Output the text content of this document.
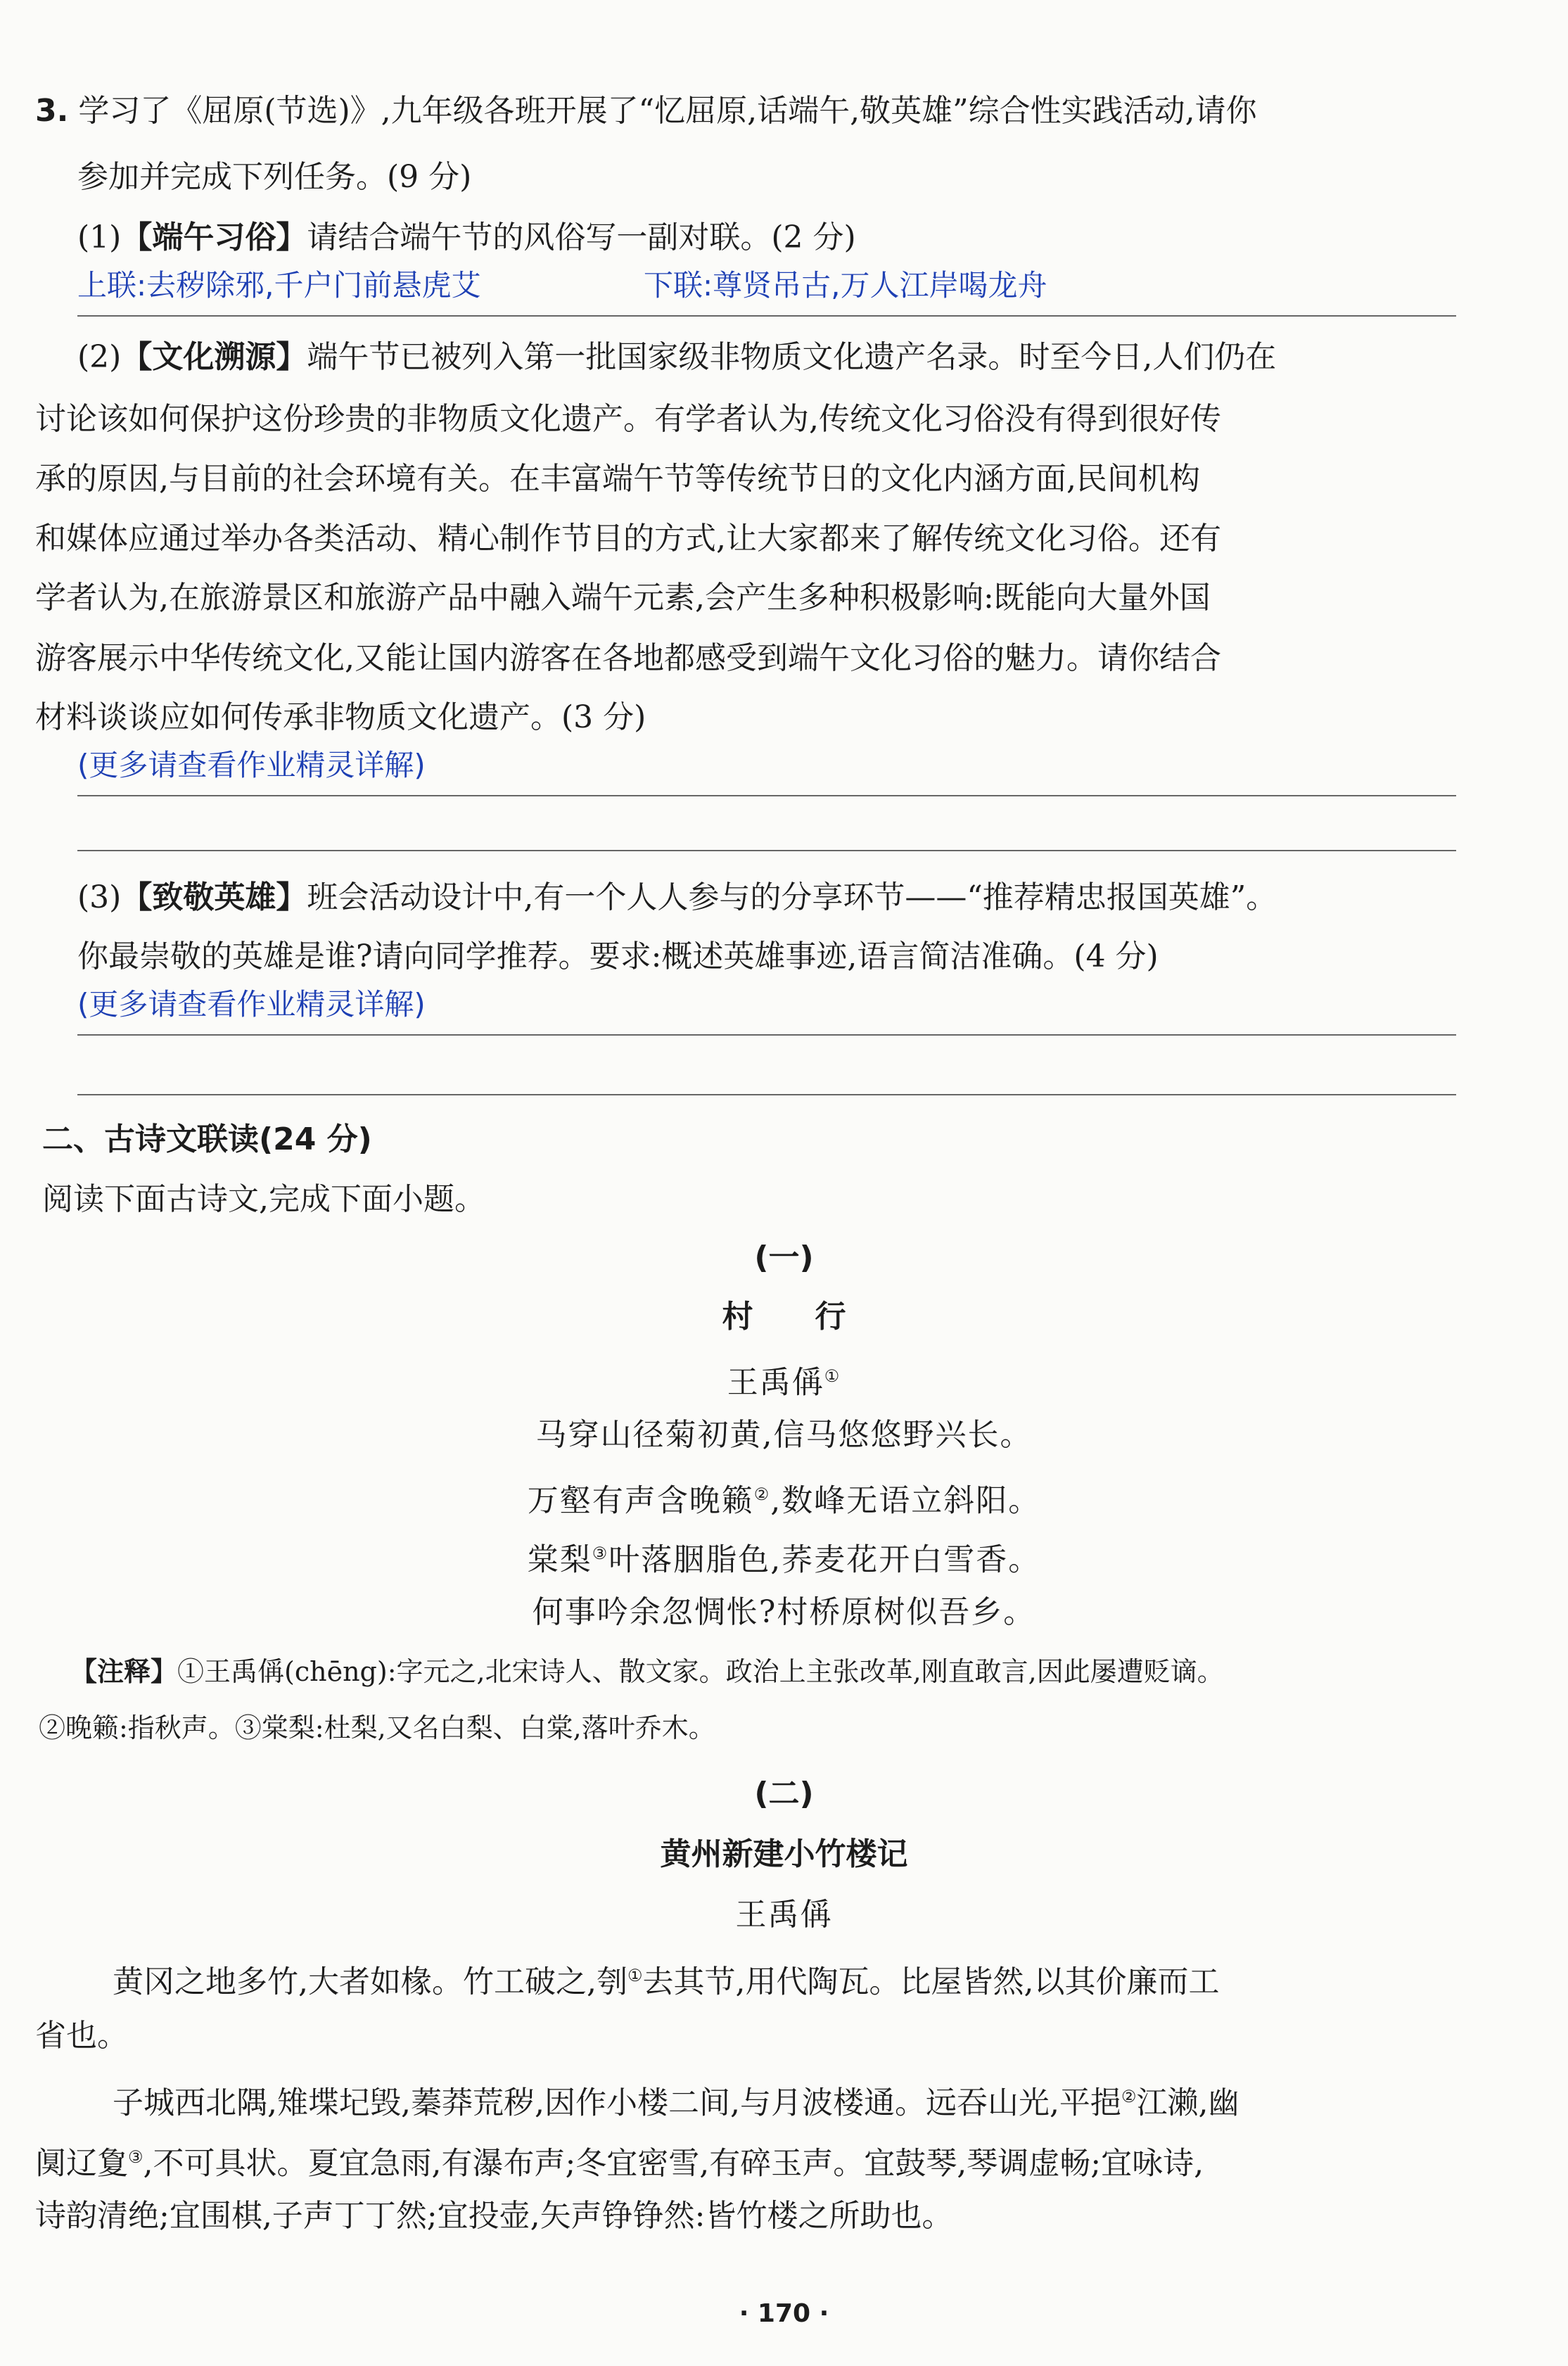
3. 学习了《屈原(节选)》,九年级各班开展了“忆屈原,话端午,敬英雄”综合性实践活动,请你
参加并完成下列任务。(9 分)
(1)【端午习俗】请结合端午节的风俗写一副对联。(2 分)
上联:去秽除邪,千户门前悬虎艾	下联:尊贤吊古,万人江岸喝龙舟
(2)【文化溯源】端午节已被列入第一批国家级非物质文化遗产名录。时至今日,人们仍在
讨论该如何保护这份珍贵的非物质文化遗产。有学者认为,传统文化习俗没有得到很好传
承的原因,与目前的社会环境有关。在丰富端午节等传统节日的文化内涵方面,民间机构
和媒体应通过举办各类活动、精心制作节目的方式,让大家都来了解传统文化习俗。还有
学者认为,在旅游景区和旅游产品中融入端午元素,会产生多种积极影响:既能向大量外国
游客展示中华传统文化,又能让国内游客在各地都感受到端午文化习俗的魅力。请你结合
材料谈谈应如何传承非物质文化遗产。(3 分)
(更多请查看作业精灵详解)
(3)【致敬英雄】班会活动设计中,有一个人人参与的分享环节——“推荐精忠报国英雄”。
你最崇敬的英雄是谁?请向同学推荐。要求:概述英雄事迹,语言简洁准确。(4 分)
(更多请查看作业精灵详解)
二、古诗文联读(24 分)
阅读下面古诗文,完成下面小题。
(一)
村　　行
王禹偁①
马穿山径菊初黄,信马悠悠野兴长。
万壑有声含晚籁②,数峰无语立斜阳。
棠梨③叶落胭脂色,荞麦花开白雪香。
何事吟余忽惆怅?村桥原树似吾乡。
【注释】①王禹偁(chēng):字元之,北宋诗人、散文家。政治上主张改革,刚直敢言,因此屡遭贬谪。
②晚籁:指秋声。③棠梨:杜梨,又名白梨、白棠,落叶乔木。
(二)
黄州新建小竹楼记
王禹偁
黄冈之地多竹,大者如椽。竹工破之,刳①去其节,用代陶瓦。比屋皆然,以其价廉而工
省也。
子城西北隅,雉堞圮毁,蓁莽荒秽,因作小楼二间,与月波楼通。远吞山光,平挹②江濑,幽
阒辽夐③,不可具状。夏宜急雨,有瀑布声;冬宜密雪,有碎玉声。宜鼓琴,琴调虚畅;宜咏诗,
诗韵清绝;宜围棋,子声丁丁然;宜投壶,矢声铮铮然:皆竹楼之所助也。
· 170 ·
